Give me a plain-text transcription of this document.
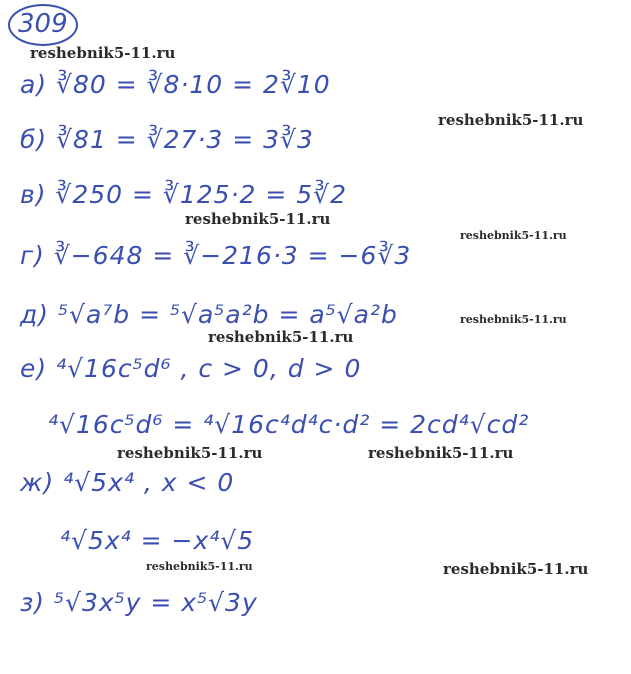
309
а) ∛80 = ∛8·10 = 2∛10
б) ∛81 = ∛27·3 = 3∛3
в) ∛250 = ∛125·2 = 5∛2
г) ∛−648 = ∛−216·3 = −6∛3
д) ⁵√a⁷b = ⁵√a⁵a²b = a⁵√a²b
е) ⁴√16c⁵d⁶ , c > 0, d > 0
⁴√16c⁵d⁶ = ⁴√16c⁴d⁴c·d² = 2cd⁴√cd²
ж) ⁴√5x⁴ , x < 0
⁴√5x⁴ = −x⁴√5
з) ⁵√3x⁵y = x⁵√3y
reshebnik5-11.ru
reshebnik5-11.ru
reshebnik5-11.ru
reshebnik5-11.ru
reshebnik5-11.ru
reshebnik5-11.ru
reshebnik5-11.ru	reshebnik5-11.ru
reshebnik5-11.ru	reshebnik5-11.ru
